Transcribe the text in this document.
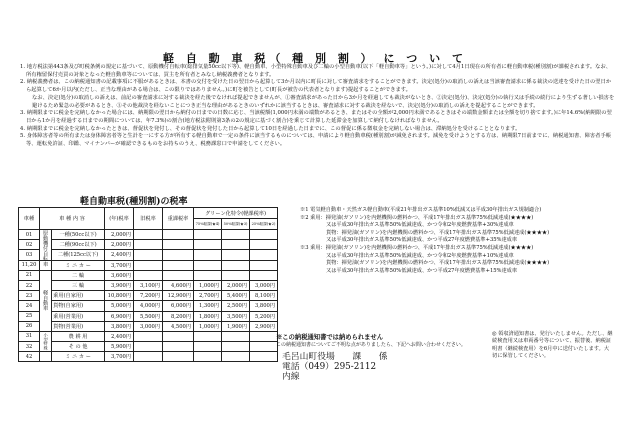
軽 自 動 車 税（ 種 別 割 ） に つ い て

1. 地方税法第443条及び町税条例の規定に基づいて、原動機付自転車(総排気量50cc以下等)、軽自動車、小型特殊自動車及び二輪の小型自動車(以下「軽自動車等」という。)に対して4月1日現在の所有者に軽自動車税(種別割)が課税されます。なお、所有権留保付売買の対象となった軽自動車等については、買主を所有者とみなし納税義務者となります。

2. 納税義務者は、この納税通知書の記載事項に不服があるときは、本書の交付を受けた日の翌日から起算して3か月以内に町長に対して審査請求をすることができます。決定(処分)の取消しの訴えは当該審査請求に係る裁決の送達を受けた日の翌日から起算して6か月以内(ただし、正当な理由がある場合は、この限りではありません。)に町を被告として(町長が被告の代表者となります)提起することができます。

なお、決定(処分)の取消しの訴えは、前記の審査請求に対する裁決を経た後でなければ提起できませんが、①審査請求があった日から3か月を経過しても裁決がないとき、②決定(処分)、決定(処分)の執行又は手続の続行により生ずる著しい損害を避けるため緊急の必要があるとき、③その他裁決を経ないことにつき正当な理由があるときのいずれかに該当するときは、審査請求に対する裁決を経ないで、決定(処分)の取消しの訴えを提起することができます。

3. 納期限までに税金を完納しなかった場合には、納期限の翌日から納付の日までの日数に応じ、当該税額(1,000円未満の端数があるとき、またはその全額が2,000円未満であるときはその端数金額または全額を切り捨てます。)に年14.6%(納期限の翌日から1か月を経過する日までの期間については、年7.3%)の割合(地方税法附則第3条の2の規定に基づく割合)を乗じて計算した延滞金を加算して納付しなければなりません。

4. 納期限までに税金を完納しなかったときは、督促状を発付し、その督促状を発付した日から起算して10日を経過した日までに、この督促に係る徴収金を完納しない場合は、滞納処分を受けることとなります。

5. 身体障害者等の所有または身体障害者等と生計を一にする方が所有する軽自動車で一定の条件に該当するものについては、申請により軽自動車税(種別割)が減免されます。減免を受けようとする方は、納期限7日前までに、納税通知書、障害者手帳等、運転免許証、印鑑、マイナンバーが確認できるものをお持ちのうえ、税務課窓口で申請をしてください。

軽自動車税(種別割)の税率
車種	車 種 内 容		(年)税率	旧税率	重課税率	グリーン化特令(軽課税率)		
						75%軽課(★4)	50%軽課(★3)	25%軽課(★2)
01	原動機付自転車	一種(50cc以下)	2,000円					
02		二種(90cc以下)	2,000円					
03		二種(125cc以下)	2,400円					
11,20		ミ ニ カ ー	3,700円					
21	軽自動車	二 輪	3,600円					
22		三 輪	3,900円	3,100円	4,600円	1,000円	2,000円	3,000円
23		乗用(自家用)	10,800円	7,200円	12,900円	2,700円	5,400円	8,100円
24		貨物(自家用)	5,000円	4,000円	6,000円	1,300円	2,500円	3,800円
25		乗用(営業用)	6,900円	5,500円	8,200円	1,800円	3,500円	5,200円
26		貨物(営業用)	3,800円	3,000円	4,500円	1,000円	1,900円	2,900円
31	小型特殊	農 耕 用	2,400円					
32		そ の 他	5,900円					
42		ミ ニ カ ー	3,700円					

※1 電気軽自動車・天然ガス軽自動車(平成21年排出ガス基準10%低減又は平成30年排出ガス規制適合)

※2 乗用：揮発油(ガソリン)を内燃機関の燃料かつ、平成17年排出ガス基準75%低減達成(★★★★)

又は平成30年排出ガス基準50%低減達成、かつ令和2年度燃費基準+30%達成車

貨物：揮発油(ガソリン)を内燃機関の燃料かつ、平成17年排出ガス基準75%低減達成(★★★★)

又は平成30年排出ガス基準50%低減達成、かつ平成27年度燃費基準+35%達成車

※3 乗用：揮発油(ガソリン)を内燃機関の燃料かつ、平成17年排出ガス基準75%低減達成(★★★★)

又は平成30年排出ガス基準50%低減達成、かつ令和2年度燃費基準+10%達成車

貨物：揮発油(ガソリン)を内燃機関の燃料かつ、平成17年排出ガス基準75%低減達成(★★★★)

又は平成30年排出ガス基準50%低減達成、かつ平成27年度燃費基準+15%達成車

※この納税通知書では納められません
この納税通知書についてご不明な点がありましたら、下記へお問い合わせください。
毛呂山町役場　　課　　係
電話（049）295-2112
内線
◎ 領収済通知書は、発行いたしません。ただし、継続検査用又は車両番号等について、振替後、納税証明書（継続検査用）を6月中に送付いたします。大切に保管してください。
